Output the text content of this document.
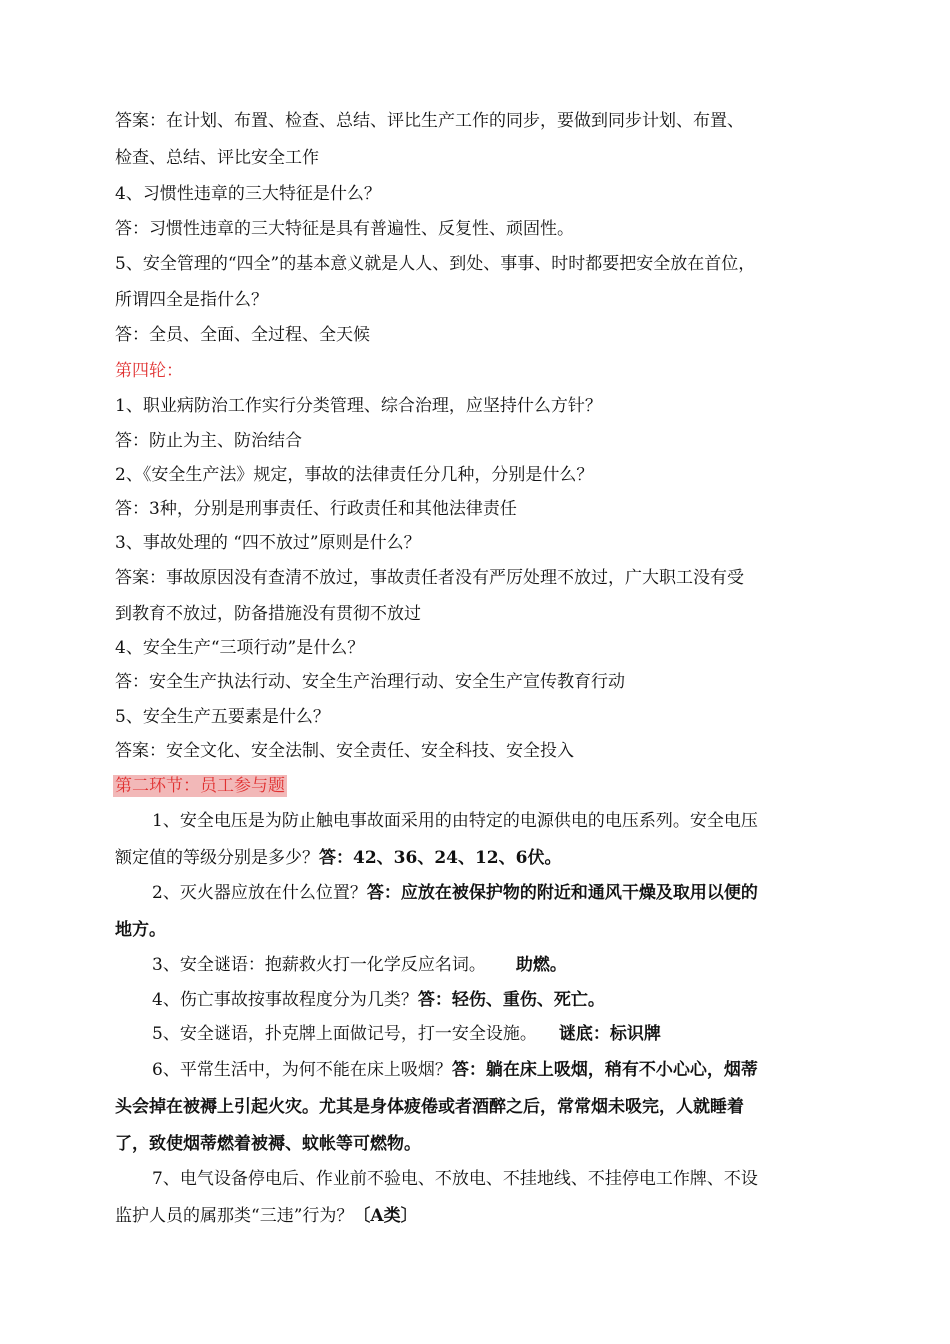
答案：在计划、布置、检查、总结、评比生产工作的同步，要做到同步计划、布置、
检查、总结、评比安全工作
4、习惯性违章的三大特征是什么？
答：习惯性违章的三大特征是具有普遍性、反复性、顽固性。
5、安全管理的“四全”的基本意义就是人人、到处、事事、时时都要把安全放在首位，
所谓四全是指什么？
答：全员、全面、全过程、全天候
第四轮：
1、职业病防治工作实行分类管理、综合治理，应坚持什么方针？
答：防止为主、防治结合
2、《安全生产法》规定，事故的法律责任分几种，分别是什么？
答：3种，分别是刑事责任、行政责任和其他法律责任
3、事故处理的 “四不放过”原则是什么？
答案：事故原因没有查清不放过，事故责任者没有严厉处理不放过，广大职工没有受
到教育不放过，防备措施没有贯彻不放过
4、安全生产“三项行动”是什么？
答：安全生产执法行动、安全生产治理行动、安全生产宣传教育行动
5、安全生产五要素是什么？
答案：安全文化、安全法制、安全责任、安全科技、安全投入
第二环节：员工参与题
1、安全电压是为防止触电事故面采用的由特定的电源供电的电压系列。安全电压
额定值的等级分别是多少？答：42、36、24、12、6伏。
2、灭火器应放在什么位置？答：应放在被保护物的附近和通风干燥及取用以便的
地方。
3、安全谜语：抱薪救火打一化学反应名词。 助燃。
4、伤亡事故按事故程度分为几类？答：轻伤、重伤、死亡。
5、安全谜语，扑克牌上面做记号，打一安全设施。 谜底：标识牌
6、平常生活中，为何不能在床上吸烟？答：躺在床上吸烟，稍有不小心心，烟蒂
头会掉在被褥上引起火灾。尤其是身体疲倦或者酒醉之后，常常烟未吸完，人就睡着
了，致使烟蒂燃着被褥、蚊帐等可燃物。
7、电气设备停电后、作业前不验电、不放电、不挂地线、不挂停电工作牌、不设
监护人员的属那类“三违”行为？〔A类〕
